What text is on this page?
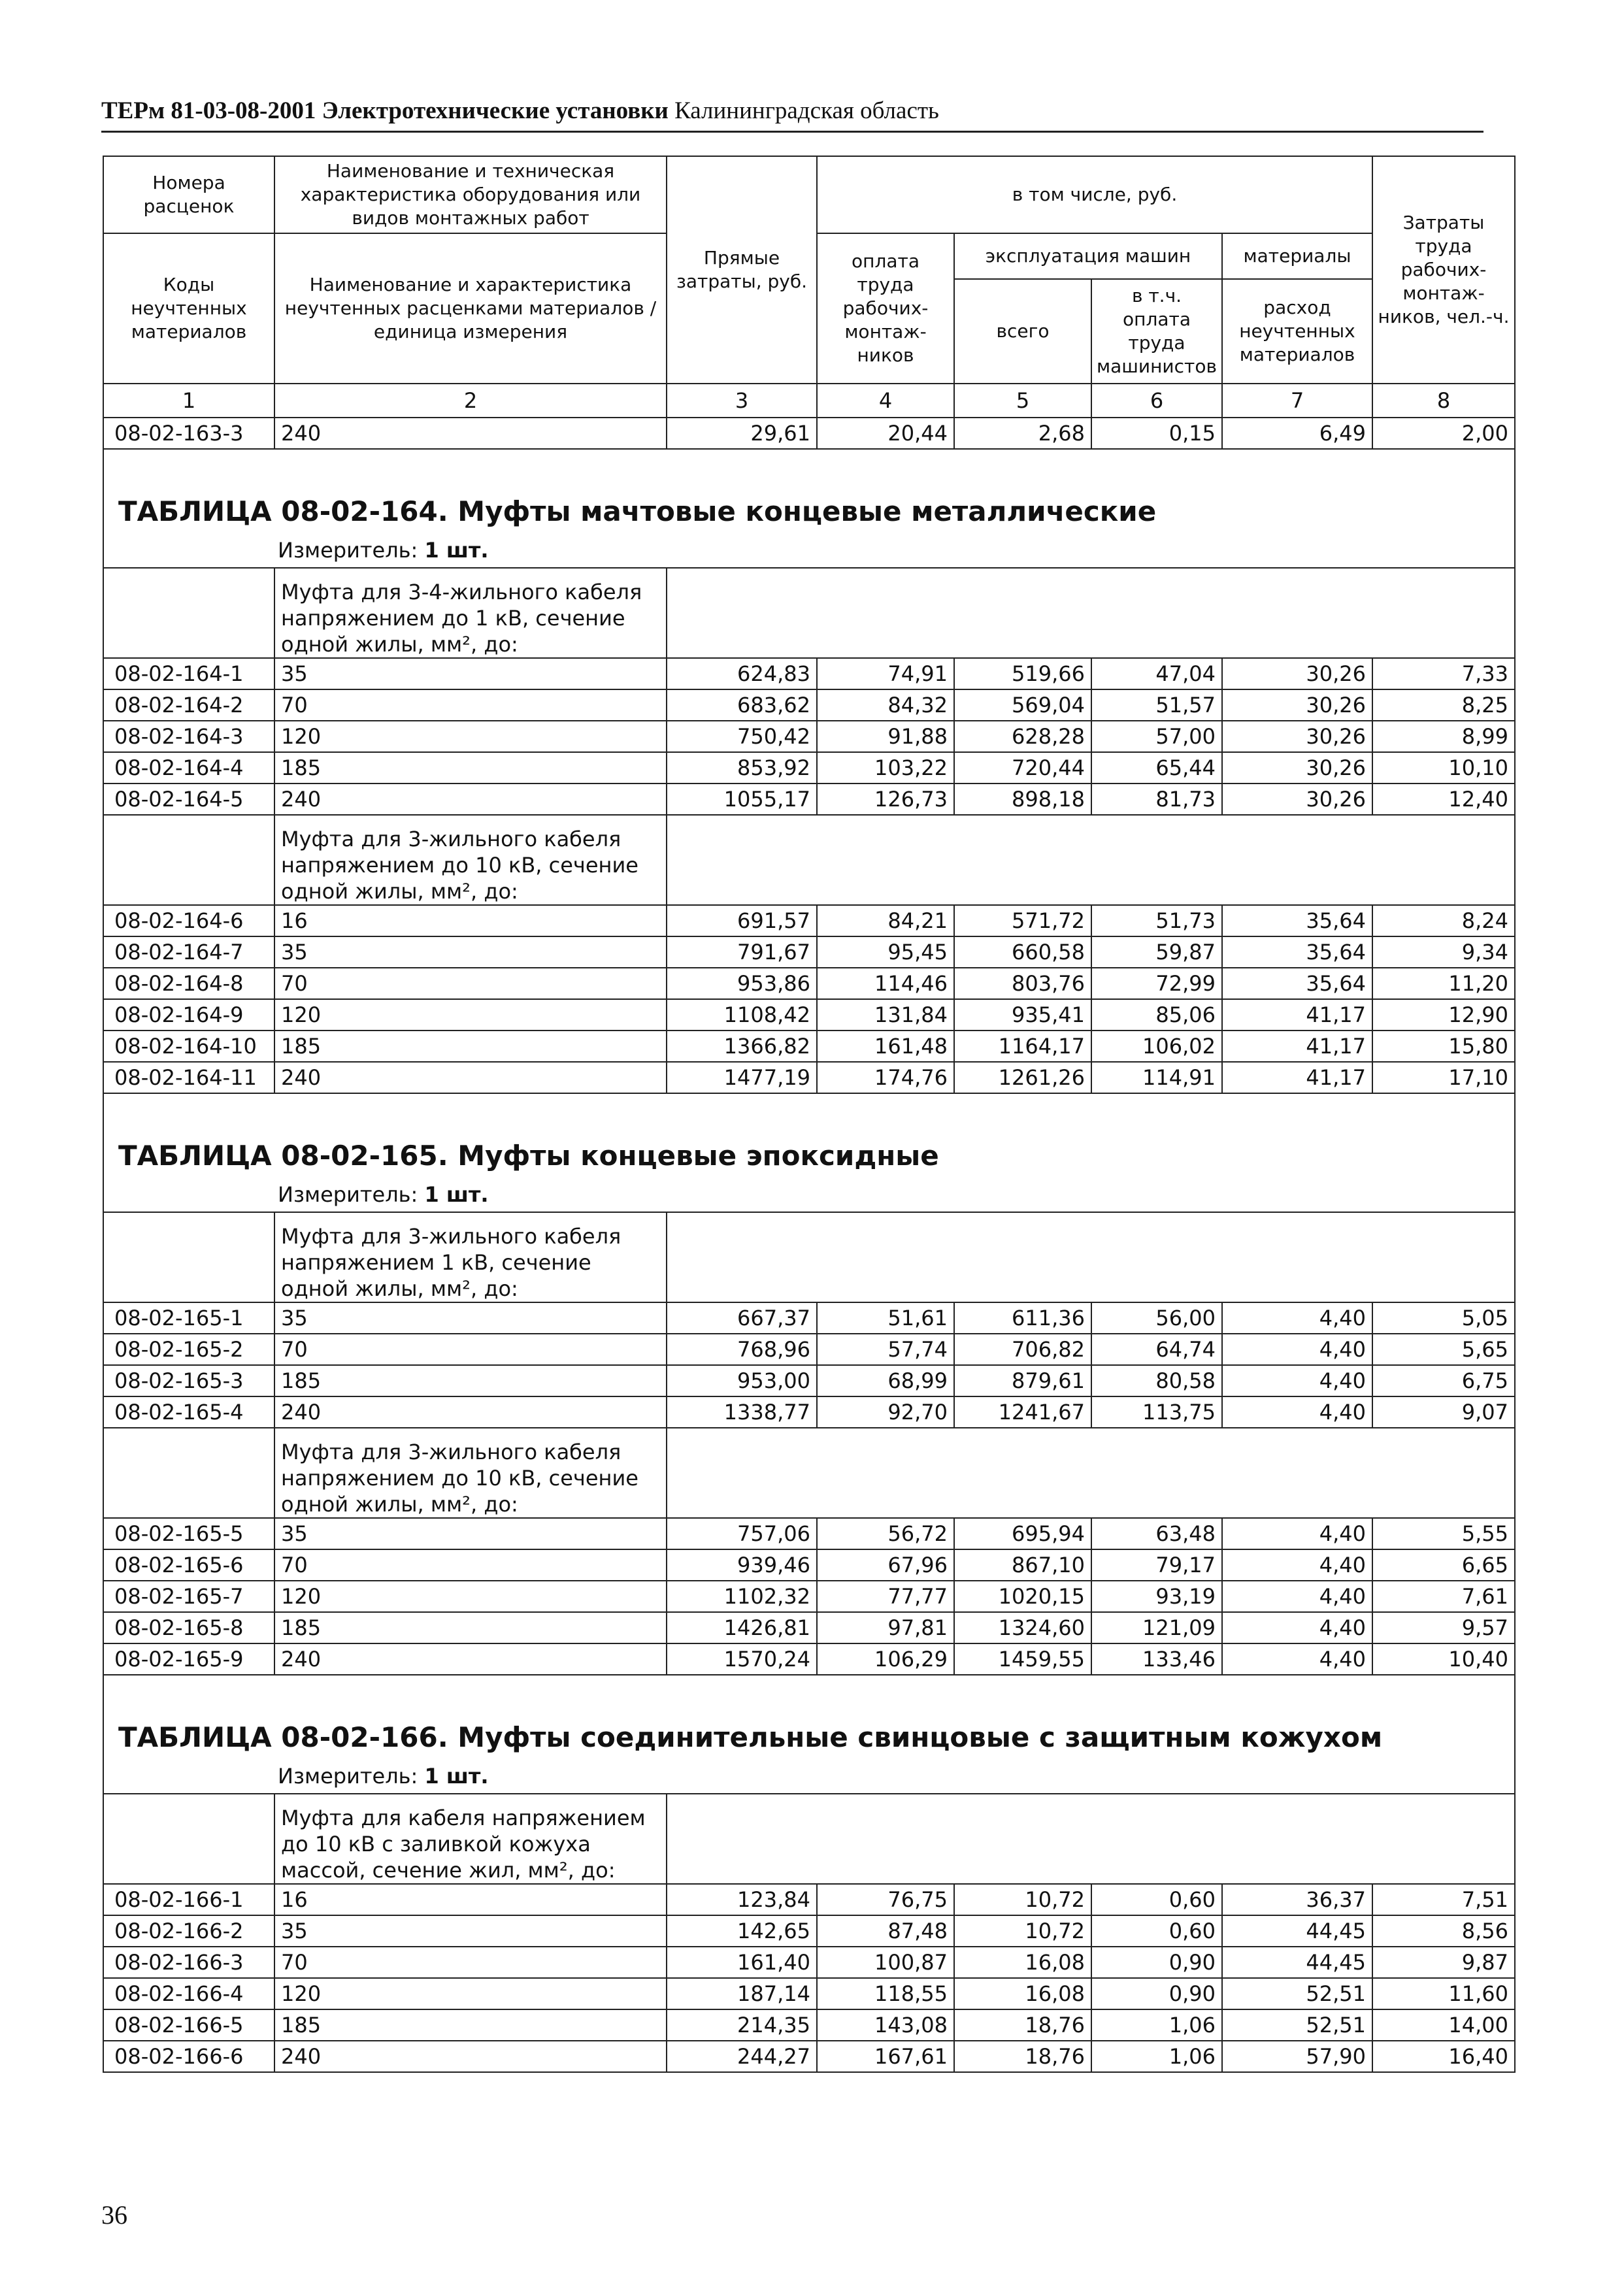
ТЕРм 81-03-08-2001 Электротехнические установки Калининградская область
Номера расценок	Наименование и техническая характеристика оборудования или видов монтажных работ	Прямые затраты, руб.	в том числе, руб.				Затраты труда рабочих-монтаж-ников, чел.-ч.
Коды неучтенных материалов	Наименование и характеристика неучтенных расценками материалов / единица измерения		оплата труда рабочих-монтаж-ников	эксплуатация машин		материалы	
				всего	в т.ч. оплата труда машинистов	расход неучтенных материалов	
1	2	3	4	5	6	7	8
08-02-163-3	240	29,61	20,44	2,68	0,15	6,49	2,00

ТАБЛИЦА 08-02-164. Муфты мачтовые концевые металлические							
Измеритель: 1 шт.							
	Муфта для 3-4-жильного кабеля напряжением до 1 кВ, сечение одной жилы, мм², до:						
08-02-164-1	35	624,83	74,91	519,66	47,04	30,26	7,33
08-02-164-2	70	683,62	84,32	569,04	51,57	30,26	8,25
08-02-164-3	120	750,42	91,88	628,28	57,00	30,26	8,99
08-02-164-4	185	853,92	103,22	720,44	65,44	30,26	10,10
08-02-164-5	240	1055,17	126,73	898,18	81,73	30,26	12,40
	Муфта для 3-жильного кабеля напряжением до 10 кВ, сечение одной жилы, мм², до:						
08-02-164-6	16	691,57	84,21	571,72	51,73	35,64	8,24
08-02-164-7	35	791,67	95,45	660,58	59,87	35,64	9,34
08-02-164-8	70	953,86	114,46	803,76	72,99	35,64	11,20
08-02-164-9	120	1108,42	131,84	935,41	85,06	41,17	12,90
08-02-164-10	185	1366,82	161,48	1164,17	106,02	41,17	15,80
08-02-164-11	240	1477,19	174,76	1261,26	114,91	41,17	17,10

ТАБЛИЦА 08-02-165. Муфты концевые эпоксидные							
Измеритель: 1 шт.							
	Муфта для 3-жильного кабеля напряжением 1 кВ, сечение одной жилы, мм², до:						
08-02-165-1	35	667,37	51,61	611,36	56,00	4,40	5,05
08-02-165-2	70	768,96	57,74	706,82	64,74	4,40	5,65
08-02-165-3	185	953,00	68,99	879,61	80,58	4,40	6,75
08-02-165-4	240	1338,77	92,70	1241,67	113,75	4,40	9,07
	Муфта для 3-жильного кабеля напряжением до 10 кВ, сечение одной жилы, мм², до:						
08-02-165-5	35	757,06	56,72	695,94	63,48	4,40	5,55
08-02-165-6	70	939,46	67,96	867,10	79,17	4,40	6,65
08-02-165-7	120	1102,32	77,77	1020,15	93,19	4,40	7,61
08-02-165-8	185	1426,81	97,81	1324,60	121,09	4,40	9,57
08-02-165-9	240	1570,24	106,29	1459,55	133,46	4,40	10,40

ТАБЛИЦА 08-02-166. Муфты соединительные свинцовые с защитным кожухом							
Измеритель: 1 шт.							
	Муфта для кабеля напряжением до 10 кВ с заливкой кожуха массой, сечение жил, мм², до:						
08-02-166-1	16	123,84	76,75	10,72	0,60	36,37	7,51
08-02-166-2	35	142,65	87,48	10,72	0,60	44,45	8,56
08-02-166-3	70	161,40	100,87	16,08	0,90	44,45	9,87
08-02-166-4	120	187,14	118,55	16,08	0,90	52,51	11,60
08-02-166-5	185	214,35	143,08	18,76	1,06	52,51	14,00
08-02-166-6	240	244,27	167,61	18,76	1,06	57,90	16,40
36
